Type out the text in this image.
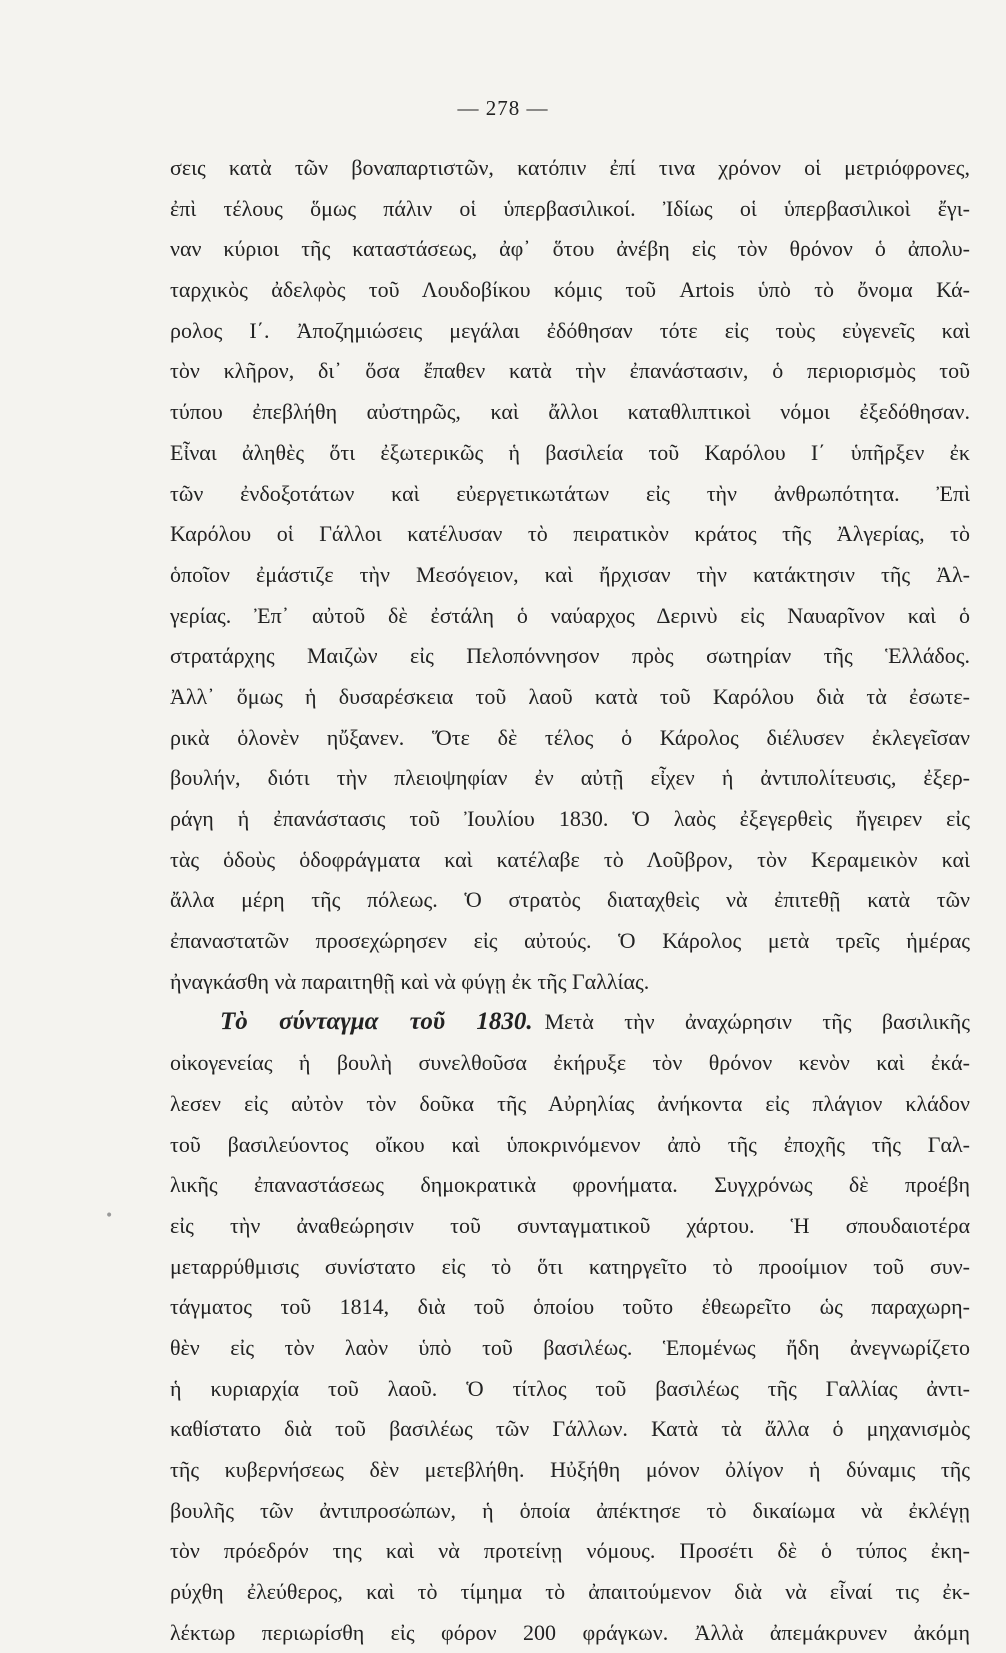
— 278 —
σεις κατὰ τῶν βοναπαρτιστῶν, κατόπιν ἐπί τινα χρόνον οἱ μετριόφρονες,
ἐπὶ τέλους ὅμως πάλιν οἱ ὑπερβασιλικοί. Ἰδίως οἱ ὑπερβασιλικοὶ ἔγι-
ναν κύριοι τῆς καταστάσεως, ἀφ᾽ ὅτου ἀνέβη εἰς τὸν θρόνον ὁ ἀπολυ-
ταρχικὸς ἀδελφὸς τοῦ Λουδοβίκου κόμις τοῦ Artois ὑπὸ τὸ ὄνομα Κά-
ρολος Ι΄. Ἀποζημιώσεις μεγάλαι ἐδόθησαν τότε εἰς τοὺς εὐγενεῖς καὶ
τὸν κλῆρον, δι᾽ ὅσα ἔπαθεν κατὰ τὴν ἐπανάστασιν, ὁ περιορισμὸς τοῦ
τύπου ἐπεβλήθη αὐστηρῶς, καὶ ἄλλοι καταθλιπτικοὶ νόμοι ἐξεδόθησαν.
Εἶναι ἀληθὲς ὅτι ἐξωτερικῶς ἡ βασιλεία τοῦ Καρόλου Ι΄ ὑπῆρξεν ἐκ
τῶν ἐνδοξοτάτων καὶ εὐεργετικωτάτων εἰς τὴν ἀνθρωπότητα. Ἐπὶ
Καρόλου οἱ Γάλλοι κατέλυσαν τὸ πειρατικὸν κράτος τῆς Ἀλγερίας, τὸ
ὁποῖον ἐμάστιζε τὴν Μεσόγειον, καὶ ἤρχισαν τὴν κατάκτησιν τῆς Ἀλ-
γερίας. Ἐπ᾽ αὐτοῦ δὲ ἐστάλη ὁ ναύαρχος Δερινὺ εἰς Ναυαρῖνον καὶ ὁ
στρατάρχης Μαιζὼν εἰς Πελοπόννησον πρὸς σωτηρίαν τῆς Ἑλλάδος.
Ἀλλ᾽ ὅμως ἡ δυσαρέσκεια τοῦ λαοῦ κατὰ τοῦ Καρόλου διὰ τὰ ἐσωτε-
ρικὰ ὁλονὲν ηὔξανεν. Ὅτε δὲ τέλος ὁ Κάρολος διέλυσεν ἐκλεγεῖσαν
βουλήν, διότι τὴν πλειοψηφίαν ἐν αὐτῇ εἶχεν ἡ ἀντιπολίτευσις, ἐξερ-
ράγη ἡ ἐπανάστασις τοῦ Ἰουλίου 1830. Ὁ λαὸς ἐξεγερθεὶς ἤγειρεν εἰς
τὰς ὁδοὺς ὁδοφράγματα καὶ κατέλαβε τὸ Λοῦβρον, τὸν Κεραμεικὸν καὶ
ἄλλα μέρη τῆς πόλεως. Ὁ στρατὸς διαταχθεὶς νὰ ἐπιτεθῇ κατὰ τῶν
ἐπαναστατῶν προσεχώρησεν εἰς αὐτούς. Ὁ Κάρολος μετὰ τρεῖς ἡμέρας
ἠναγκάσθη νὰ παραιτηθῇ καὶ νὰ φύγῃ ἐκ τῆς Γαλλίας.
Τὸ σύνταγμα τοῦ 1830. Μετὰ τὴν ἀναχώρησιν τῆς βασιλικῆς
οἰκογενείας ἡ βουλὴ συνελθοῦσα ἐκήρυξε τὸν θρόνον κενὸν καὶ ἐκά-
λεσεν εἰς αὐτὸν τὸν δοῦκα τῆς Αὐρηλίας ἀνήκοντα εἰς πλάγιον κλάδον
τοῦ βασιλεύοντος οἴκου καὶ ὑποκρινόμενον ἀπὸ τῆς ἐποχῆς τῆς Γαλ-
λικῆς ἐπαναστάσεως δημοκρατικὰ φρονήματα. Συγχρόνως δὲ προέβη
εἰς τὴν ἀναθεώρησιν τοῦ συνταγματικοῦ χάρτου. Ἡ σπουδαιοτέρα
μεταρρύθμισις συνίστατο εἰς τὸ ὅτι κατηργεῖτο τὸ προοίμιον τοῦ συν-
τάγματος τοῦ 1814, διὰ τοῦ ὁποίου τοῦτο ἐθεωρεῖτο ὡς παραχωρη-
θὲν εἰς τὸν λαὸν ὑπὸ τοῦ βασιλέως. Ἑπομένως ἤδη ἀνεγνωρίζετο
ἡ κυριαρχία τοῦ λαοῦ. Ὁ τίτλος τοῦ βασιλέως τῆς Γαλλίας ἀντι-
καθίστατο διὰ τοῦ βασιλέως τῶν Γάλλων. Κατὰ τὰ ἄλλα ὁ μηχανισμὸς
τῆς κυβερνήσεως δὲν μετεβλήθη. Ηὐξήθη μόνον ὀλίγον ἡ δύναμις τῆς
βουλῆς τῶν ἀντιπροσώπων, ἡ ὁποία ἀπέκτησε τὸ δικαίωμα νὰ ἐκλέγῃ
τὸν πρόεδρόν της καὶ νὰ προτείνῃ νόμους. Προσέτι δὲ ὁ τύπος ἐκη-
ρύχθη ἐλεύθερος, καὶ τὸ τίμημα τὸ ἀπαιτούμενον διὰ νὰ εἶναί τις ἐκ-
λέκτωρ περιωρίσθη εἰς φόρον 200 φράγκων. Ἀλλὰ ἀπεμάκρυνεν ἀκόμη
•
